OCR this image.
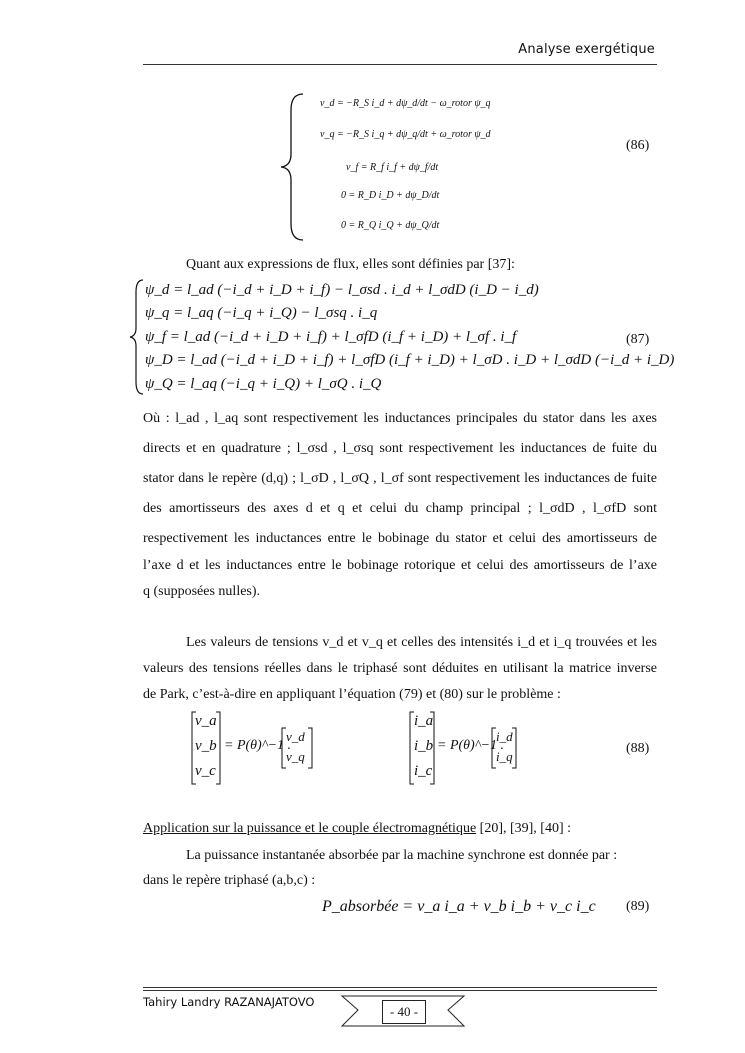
Analyse exergétique
v_d = −R_S i_d + dψ_d/dt − ω_rotor ψ_q
v_q = −R_S i_q + dψ_q/dt + ω_rotor ψ_d
v_f = R_f i_f + dψ_f/dt
0 = R_D i_D + dψ_D/dt
0 = R_Q i_Q + dψ_Q/dt
(86)
Quant aux expressions de flux, elles sont définies par [37]:
ψ_d = l_ad (−i_d + i_D + i_f) − l_σsd . i_d + l_σdD (i_D − i_d)
ψ_q = l_aq (−i_q + i_Q) − l_σsq . i_q
ψ_f = l_ad (−i_d + i_D + i_f) + l_σfD (i_f + i_D) + l_σf . i_f
ψ_D = l_ad (−i_d + i_D + i_f) + l_σfD (i_f + i_D) + l_σD . i_D + l_σdD (−i_d + i_D)
ψ_Q = l_aq (−i_q + i_Q) + l_σQ . i_Q
(87)
Où : l_ad , l_aq sont respectivement les inductances principales du stator dans les axes
directs et en quadrature ; l_σsd , l_σsq sont respectivement les inductances de fuite du
stator dans le repère (d,q) ; l_σD , l_σQ , l_σf sont respectivement les inductances de fuite
des amortisseurs des axes d et q et celui du champ principal ; l_σdD , l_σfD sont
respectivement les inductances entre le bobinage du stator et celui des amortisseurs de
l’axe d et les inductances entre le bobinage rotorique et celui des amortisseurs de l’axe
q (supposées nulles).
Les valeurs de tensions v_d et v_q et celles des intensités i_d et i_q trouvées et les
valeurs des tensions réelles dans le triphasé sont déduites en utilisant la matrice inverse
de Park, c’est-à-dire en appliquant l’équation (79) et (80) sur le problème :
v_a
v_b
v_c
= P(θ)^−1 .
v_d
v_q
i_a
i_b
i_c
= P(θ)^−1 .
i_d
i_q
(88)
Application sur la puissance et le couple électromagnétique [20], [39], [40] :
La puissance instantanée absorbée par la machine synchrone est donnée par :
dans le repère triphasé (a,b,c) :
P_absorbée = v_a i_a + v_b i_b + v_c i_c (89)
Tahiry Landry RAZANAJATOVO
- 40 -
